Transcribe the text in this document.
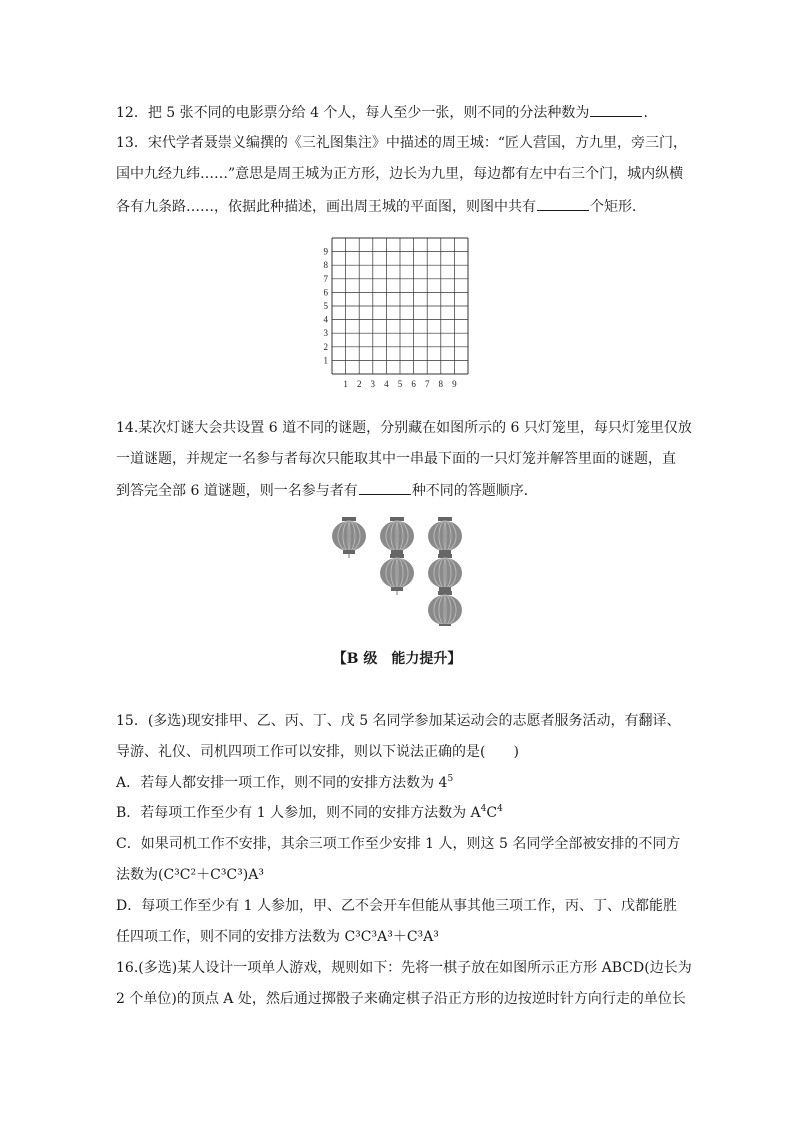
12．把 5 张不同的电影票分给 4 个人，每人至少一张，则不同的分法种数为	．
13．宋代学者聂崇义编撰的《三礼图集注》中描述的周王城：“匠人营国，方九里，旁三门，
国中九经九纬……”意思是周王城为正方形，边长为九里，每边都有左中右三个门，城内纵横
各有九条路……，依据此种描述，画出周王城的平面图，则图中共有	个矩形．
9
8
7
6
5
4
3
2
1
1 2 3 4 5 6 7 8 9
14.某次灯谜大会共设置 6 道不同的谜题，分别藏在如图所示的 6 只灯笼里，每只灯笼里仅放
一道谜题，并规定一名参与者每次只能取其中一串最下面的一只灯笼并解答里面的谜题，直
到答完全部 6 道谜题，则一名参与者有	种不同的答题顺序．
【B 级　能力提升】
15．(多选)现安排甲、乙、丙、丁、戊 5 名同学参加某运动会的志愿者服务活动，有翻译、
导游、礼仪、司机四项工作可以安排，则以下说法正确的是(　　)
A．若每人都安排一项工作，则不同的安排方法数为 $4^5$
B．若每项工作至少有 1 人参加，则不同的安排方法数为 $A^4C^4$
C．如果司机工作不安排，其余三项工作至少安排 1 人，则这 5 名同学全部被安排的不同方
法数为(C³C²＋C³C³)A³
D．每项工作至少有 1 人参加，甲、乙不会开车但能从事其他三项工作，丙、丁、戊都能胜
任四项工作，则不同的安排方法数为 C³C³A³＋C³A³
16.(多选)某人设计一项单人游戏，规则如下：先将一棋子放在如图所示正方形 ABCD(边长为
2 个单位)的顶点 A 处，然后通过掷骰子来确定棋子沿正方形的边按逆时针方向行走的单位长
